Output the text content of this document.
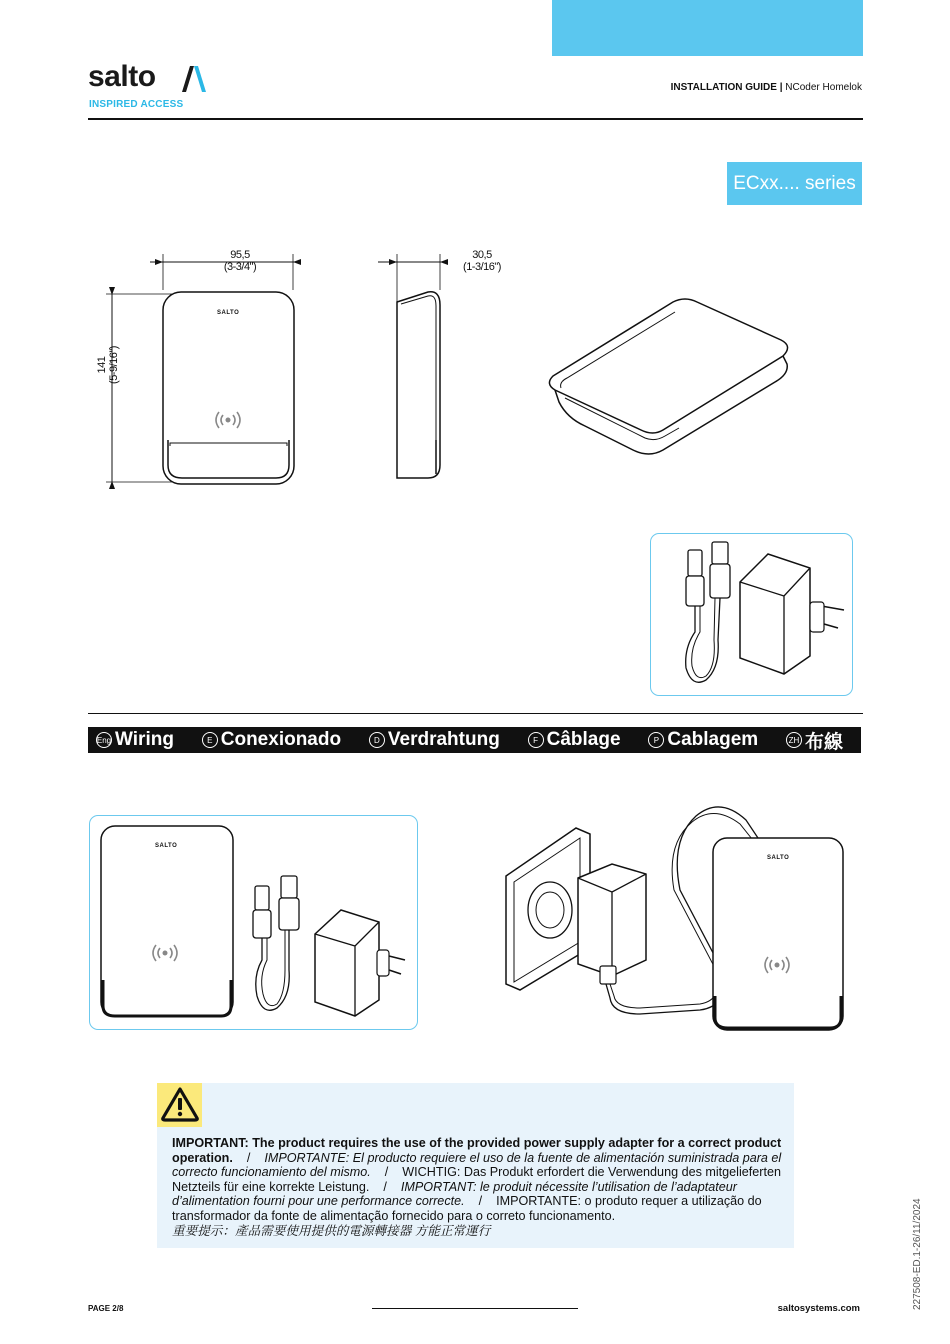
salto
INSPIRED ACCESS
INSTALLATION GUIDE | NCoder Homelok
ECxx.... series
95,5
(3-3/4")
SALTO
141 (5-9/16")
30,5
(1-3/16")
Eng Wiring	E Conexionado	D Verdrahtung	F Câblage	P Cablagem	ZH 布線
SALTO
SALTO
IMPORTANT: The product requires the use of the provided power supply adapter for a correct product operation. / IMPORTANTE: El producto requiere el uso de la fuente de alimentación suministrada para el correcto funcionamiento del mismo. / WICHTIG: Das Produkt erfordert die Verwendung des mitgelieferten Netzteils für eine korrekte Leistung. / IMPORTANT: le produit nécessite l’utilisation de l’adaptateur d’alimentation fourni pour une performance correcte. / IMPORTANTE: o produto requer a utilização do transformador da fonte de alimentação fornecido para o correto funcionamento.
重要提示：產品需要使用提供的電源轉接器 方能正常運行
PAGE 2/8	saltosystems.com	227508-ED.1-26/11/2024
